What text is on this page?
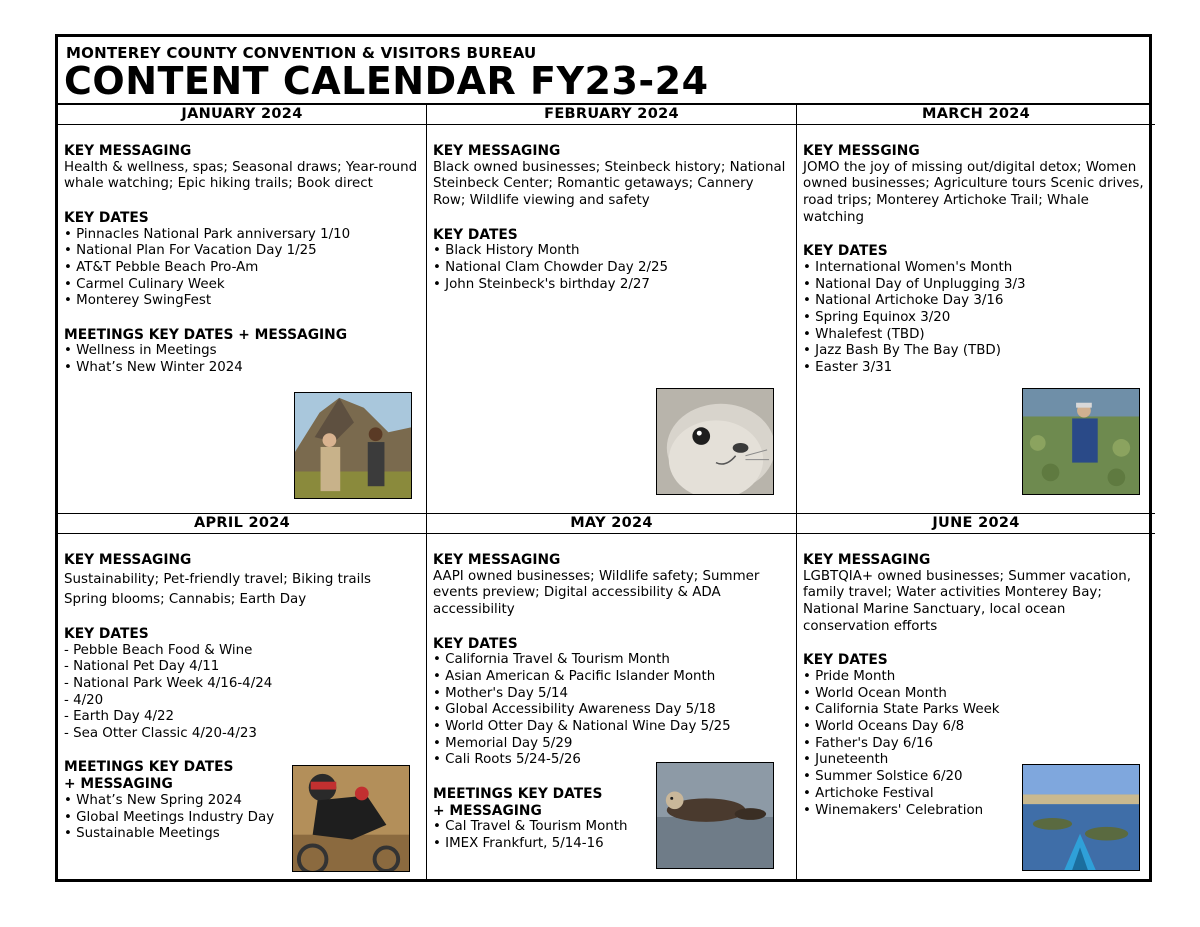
MONTEREY COUNTY CONVENTION & VISITORS BUREAU
CONTENT CALENDAR FY23-24
JANUARY 2024
KEY MESSAGING

Health & wellness, spas; Seasonal draws; Year-round whale watching; Epic hiking trails; Book direct

KEY DATES
• Pinnacles National Park anniversary 1/10
• National Plan For Vacation Day 1/25
• AT&T Pebble Beach Pro-Am
• Carmel Culinary Week
• Monterey SwingFest
MEETINGS KEY DATES + MESSAGING
• Wellness in Meetings
• What’s New Winter 2024
FEBRUARY 2024
KEY MESSAGING

Black owned businesses; Steinbeck history; National Steinbeck Center; Romantic getaways; Cannery Row; Wildlife viewing and safety

KEY DATES
• Black History Month
• National Clam Chowder Day 2/25
• John Steinbeck's birthday 2/27
MARCH 2024
KEY MESSGING

JOMO the joy of missing out/digital detox; Women owned businesses; Agriculture tours Scenic drives, road trips; Monterey Artichoke Trail; Whale watching

KEY DATES
• International Women's Month
• National Day of Unplugging 3/3
• National Artichoke Day 3/16
• Spring Equinox 3/20
• Whalefest (TBD)
• Jazz Bash By The Bay (TBD)
• Easter 3/31
APRIL 2024
KEY MESSAGING

Sustainability; Pet-friendly travel; Biking trails

Spring blooms; Cannabis; Earth Day

KEY DATES
- Pebble Beach Food & Wine
- National Pet Day 4/11
- National Park Week 4/16-4/24
- 4/20
- Earth Day 4/22
- Sea Otter Classic 4/20-4/23
MEETINGS KEY DATES
+ MESSAGING
• What’s New Spring 2024
• Global Meetings Industry Day
• Sustainable Meetings
MAY 2024
KEY MESSAGING

AAPI owned businesses; Wildlife safety; Summer events preview; Digital accessibility & ADA accessibility

KEY DATES
• California Travel & Tourism Month
• Asian American & Pacific Islander Month
• Mother's Day 5/14
• Global Accessibility Awareness Day 5/18
• World Otter Day & National Wine Day 5/25
• Memorial Day 5/29
• Cali Roots 5/24-5/26
MEETINGS KEY DATES
+ MESSAGING
• Cal Travel & Tourism Month
• IMEX Frankfurt, 5/14-16
JUNE 2024
KEY MESSAGING

LGBTQIA+ owned businesses; Summer vacation, family travel; Water activities Monterey Bay; National Marine Sanctuary, local ocean conservation efforts

KEY DATES
• Pride Month
• World Ocean Month
• California State Parks Week
• World Oceans Day 6/8
• Father's Day 6/16
• Juneteenth
• Summer Solstice 6/20
• Artichoke Festival
• Winemakers' Celebration
